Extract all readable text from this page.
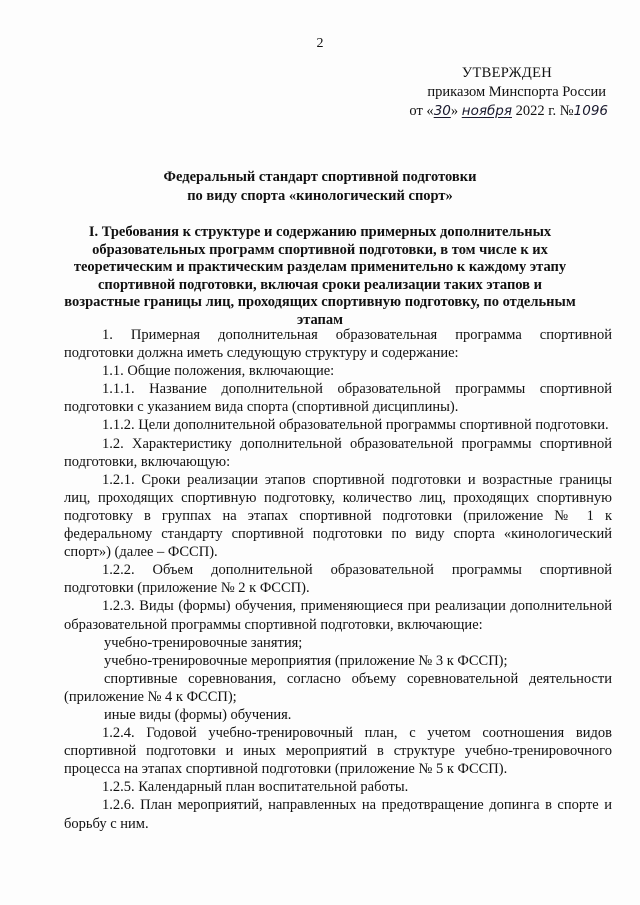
2
УТВЕРЖДЕН
приказом Минспорта России
от «30» ноября 2022 г. №1096
Федеральный стандарт спортивной подготовки
по виду спорта «кинологический спорт»
I. Требования к структуре и содержанию примерных дополнительных образовательных программ спортивной подготовки, в том числе к их теоретическим и практическим разделам применительно к каждому этапу спортивной подготовки, включая сроки реализации таких этапов и возрастные границы лиц, проходящих спортивную подготовку, по отдельным этапам

1. Примерная дополнительная образовательная программа спортивной подготовки должна иметь следующую структуру и содержание:

1.1. Общие положения, включающие:

1.1.1. Название дополнительной образовательной программы спортивной подготовки с указанием вида спорта (спортивной дисциплины).

1.1.2. Цели дополнительной образовательной программы спортивной подготовки.

1.2. Характеристику дополнительной образовательной программы спортивной подготовки, включающую:

1.2.1. Сроки реализации этапов спортивной подготовки и возрастные границы лиц, проходящих спортивную подготовку, количество лиц, проходящих спортивную подготовку в группах на этапах спортивной подготовки (приложение № 1 к федеральному стандарту спортивной подготовки по виду спорта «кинологический спорт») (далее – ФССП).

1.2.2. Объем дополнительной образовательной программы спортивной подготовки (приложение № 2 к ФССП).

1.2.3. Виды (формы) обучения, применяющиеся при реализации дополнительной образовательной программы спортивной подготовки, включающие:

учебно-тренировочные занятия;

учебно-тренировочные мероприятия (приложение № 3 к ФССП);

спортивные соревнования, согласно объему соревновательной деятельности (приложение № 4 к ФССП);

иные виды (формы) обучения.

1.2.4. Годовой учебно-тренировочный план, с учетом соотношения видов спортивной подготовки и иных мероприятий в структуре учебно-тренировочного процесса на этапах спортивной подготовки (приложение № 5 к ФССП).

1.2.5. Календарный план воспитательной работы.

1.2.6. План мероприятий, направленных на предотвращение допинга в спорте и борьбу с ним.
